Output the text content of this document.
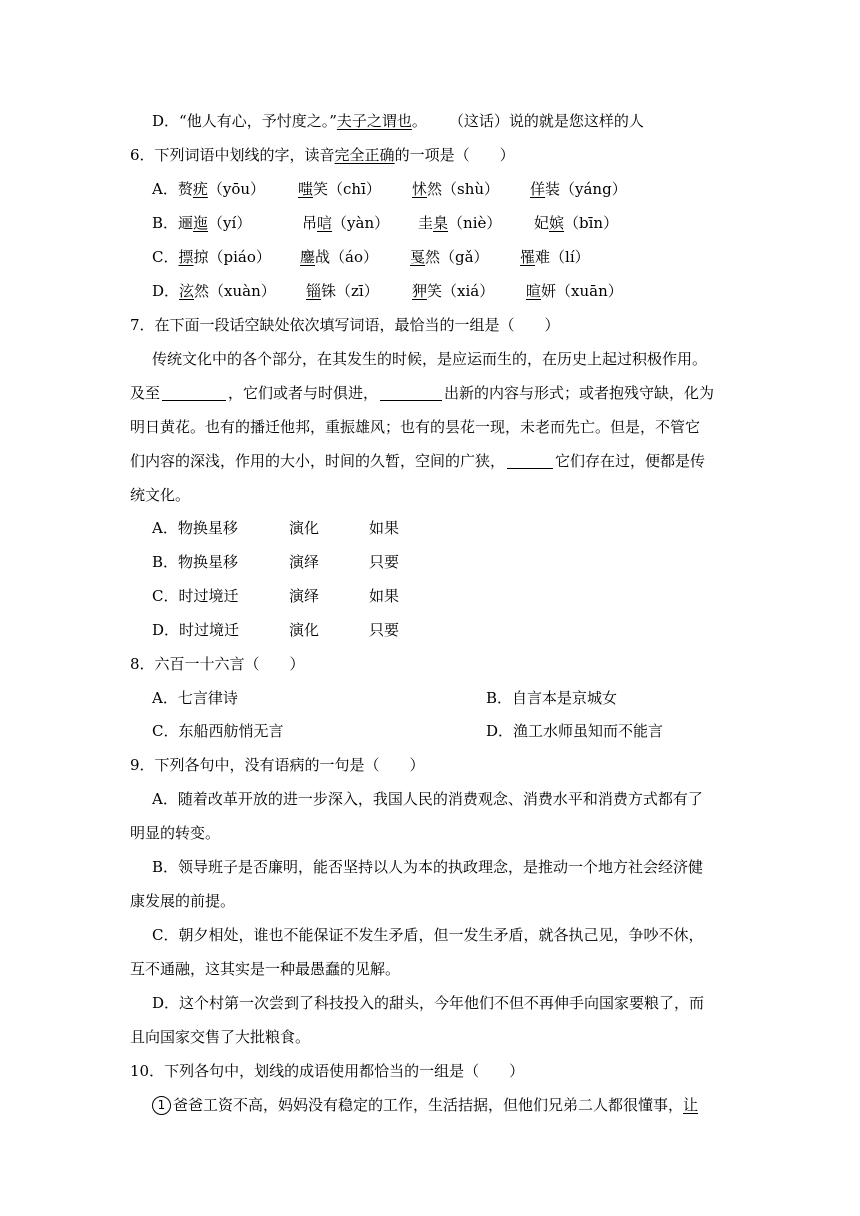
D．“他人有心，予忖度之。”夫子之谓也。 （这话）说的就是您这样的人
6．下列词语中划线的字，读音完全正确的一项是（　　）
A．赘疣（yōu） 嗤笑（chī） 怵然（shù） 佯装（yáng）
B．逦迤（yí）	吊唁（yàn） 圭臬（niè） 妃嫔（bīn）
C．摽掠（piáo） 鏖战（áo） 戛然（gǎ） 罹难（lí）
D．泫然（xuàn） 锱铢（zī） 狎笑（xiá） 暄妍（xuān）
7．在下面一段话空缺处依次填写词语，最恰当的一组是（　　）
传统文化中的各个部分，在其发生的时候，是应运而生的，在历史上起过积极作用。
及至	，它们或者与时俱进，	出新的内容与形式；或者抱残守缺，化为
明日黄花。也有的播迁他邦，重振雄风；也有的昙花一现，未老而先亡。但是，不管它
们内容的深浅，作用的大小，时间的久暂，空间的广狭，	它们存在过，便都是传
统文化。
A．物换星移	演化	如果
B．物换星移	演绎	只要
C．时过境迁	演绎	如果
D．时过境迁	演化	只要
8．六百一十六言（　　）
A．七言律诗	B．自言本是京城女
C．东船西舫悄无言	D．渔工水师虽知而不能言
9．下列各句中，没有语病的一句是（　　）
A．随着改革开放的进一步深入，我国人民的消费观念、消费水平和消费方式都有了
明显的转变。
B．领导班子是否廉明，能否坚持以人为本的执政理念，是推动一个地方社会经济健
康发展的前提。
C．朝夕相处，谁也不能保证不发生矛盾，但一发生矛盾，就各执己见，争吵不休，
互不通融，这其实是一种最愚蠢的见解。
D．这个村第一次尝到了科技投入的甜头，今年他们不但不再伸手向国家要粮了，而
且向国家交售了大批粮食。
10．下列各句中，划线的成语使用都恰当的一组是（　　）
1 爸爸工资不高，妈妈没有稳定的工作，生活拮据，但他们兄弟二人都很懂事，让
